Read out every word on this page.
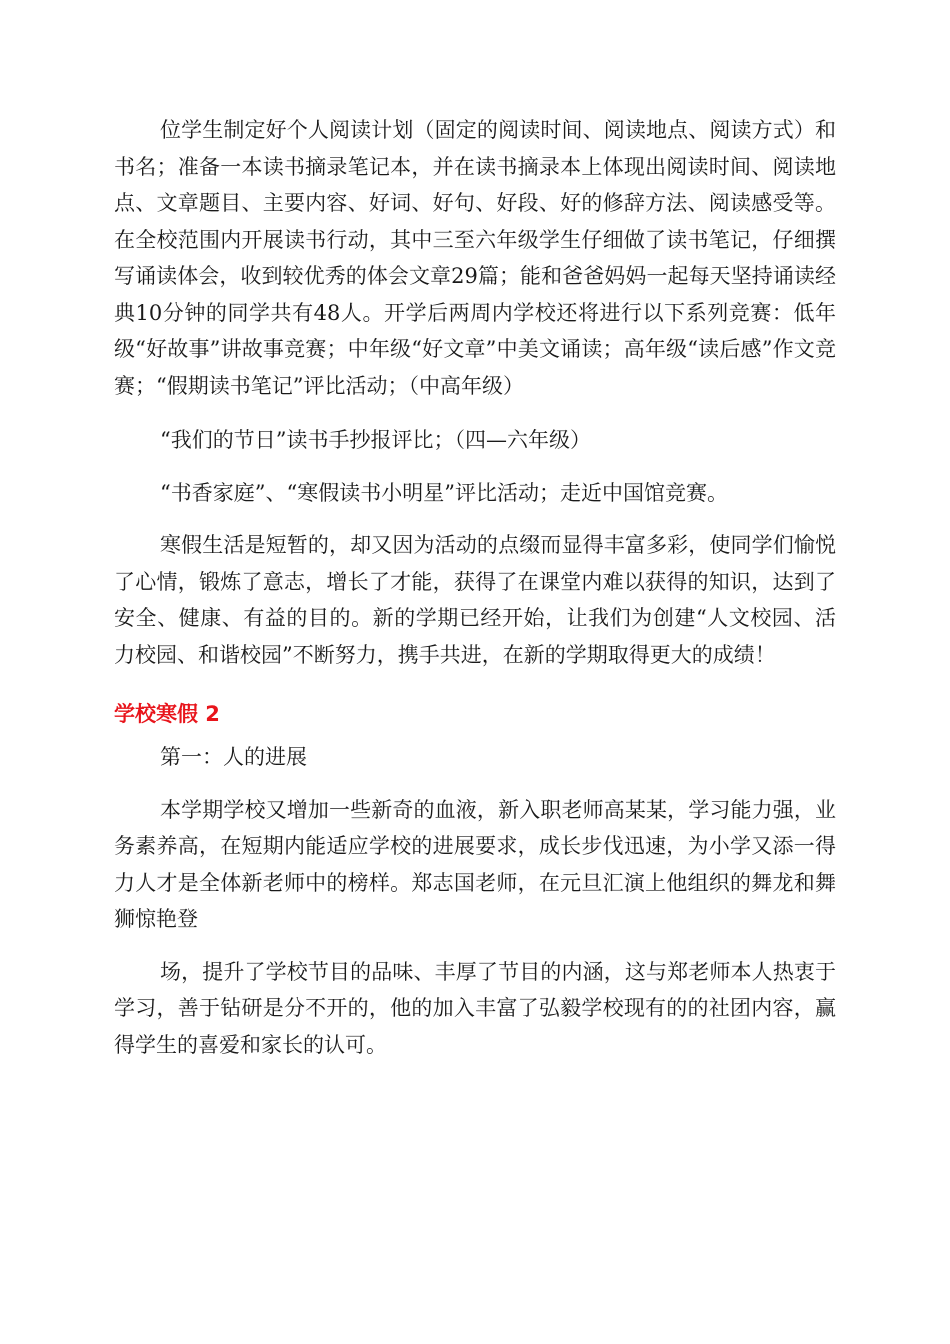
位学生制定好个人阅读计划（固定的阅读时间、阅读地点、阅读方式）和书名；准备一本读书摘录笔记本，并在读书摘录本上体现出阅读时间、阅读地点、文章题目、主要内容、好词、好句、好段、好的修辞方法、阅读感受等。在全校范围内开展读书行动，其中三至六年级学生仔细做了读书笔记，仔细撰写诵读体会，收到较优秀的体会文章29篇；能和爸爸妈妈一起每天坚持诵读经典10分钟的同学共有48人。开学后两周内学校还将进行以下系列竞赛：低年级“好故事”讲故事竞赛；中年级“好文章”中美文诵读；高年级“读后感”作文竞赛；“假期读书笔记”评比活动；（中高年级）

“我们的节日”读书手抄报评比；（四—六年级）

“书香家庭”、“寒假读书小明星”评比活动；走近中国馆竞赛。

寒假生活是短暂的，却又因为活动的点缀而显得丰富多彩，使同学们愉悦了心情，锻炼了意志，增长了才能，获得了在课堂内难以获得的知识，达到了安全、健康、有益的目的。新的学期已经开始，让我们为创建“人文校园、活力校园、和谐校园”不断努力，携手共进，在新的学期取得更大的成绩！

学校寒假 2

第一：人的进展

本学期学校又增加一些新奇的血液，新入职老师高某某，学习能力强，业务素养高，在短期内能适应学校的进展要求，成长步伐迅速，为小学又添一得力人才是全体新老师中的榜样。郑志国老师，在元旦汇演上他组织的舞龙和舞狮惊艳登

场，提升了学校节目的品味、丰厚了节目的内涵，这与郑老师本人热衷于学习，善于钻研是分不开的，他的加入丰富了弘毅学校现有的的社团内容，赢得学生的喜爱和家长的认可。
